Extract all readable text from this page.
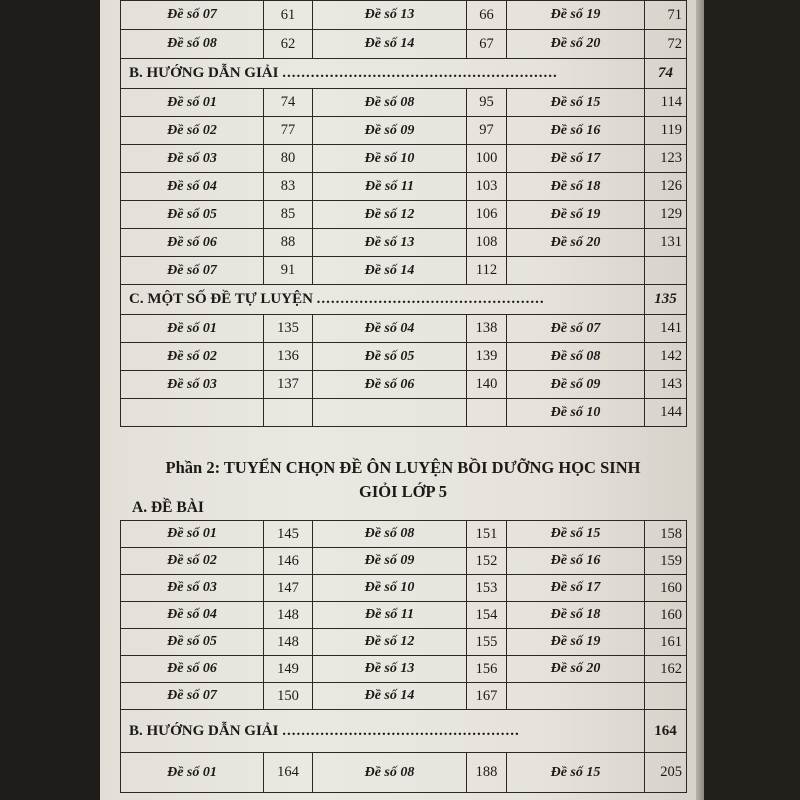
Đề số 07	61	Đề số 13	66	Đề số 19	71
Đề số 08	62	Đề số 14	67	Đề số 20	72
B. HƯỚNG DẪN GIẢI ..........................................................					74
Đề số 01	74	Đề số 08	95	Đề số 15	114
Đề số 02	77	Đề số 09	97	Đề số 16	119
Đề số 03	80	Đề số 10	100	Đề số 17	123
Đề số 04	83	Đề số 11	103	Đề số 18	126
Đề số 05	85	Đề số 12	106	Đề số 19	129
Đề số 06	88	Đề số 13	108	Đề số 20	131
Đề số 07	91	Đề số 14	112		
C. MỘT SỐ ĐỀ TỰ LUYỆN ................................................					135
Đề số 01	135	Đề số 04	138	Đề số 07	141
Đề số 02	136	Đề số 05	139	Đề số 08	142
Đề số 03	137	Đề số 06	140	Đề số 09	143
				Đề số 10	144
Phần 2: TUYỂN CHỌN ĐỀ ÔN LUYỆN BỒI DƯỠNG HỌC SINH
GIỎI LỚP 5
A. ĐỀ BÀI
Đề số 01	145	Đề số 08	151	Đề số 15	158
Đề số 02	146	Đề số 09	152	Đề số 16	159
Đề số 03	147	Đề số 10	153	Đề số 17	160
Đề số 04	148	Đề số 11	154	Đề số 18	160
Đề số 05	148	Đề số 12	155	Đề số 19	161
Đề số 06	149	Đề số 13	156	Đề số 20	162
Đề số 07	150	Đề số 14	167		
B. HƯỚNG DẪN GIẢI ..................................................					164
Đề số 01	164	Đề số 08	188	Đề số 15	205
